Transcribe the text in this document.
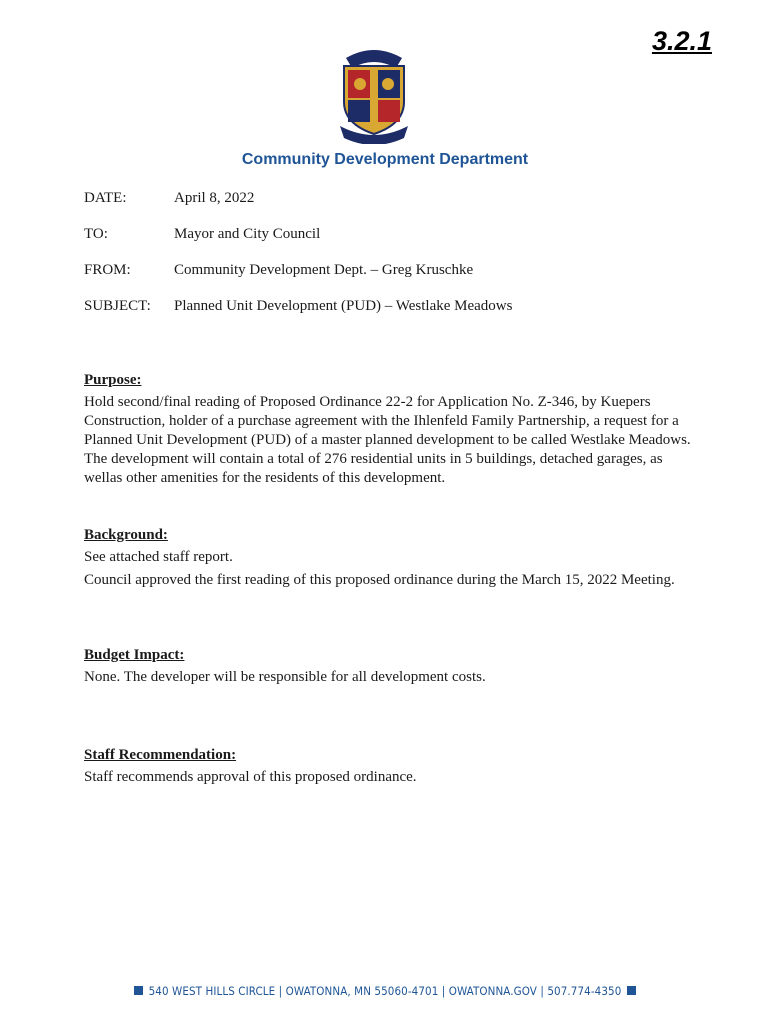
3.2.1
Community Development Department
DATE:	April 8, 2022
TO:	Mayor and City Council
FROM:	Community Development Dept. – Greg Kruschke
SUBJECT:	Planned Unit Development (PUD) – Westlake Meadows
Purpose:

Hold second/final reading of Proposed Ordinance 22-2 for Application No. Z-346, by Kuepers Construction, holder of a purchase agreement with the Ihlenfeld Family Partnership, a request for a Planned Unit Development (PUD) of a master planned development to be called Westlake Meadows. The development will contain a total of 276 residential units in 5 buildings, detached garages, as wellas other amenities for the residents of this development.

Background:

See attached staff report.

Council approved the first reading of this proposed ordinance during the March 15, 2022 Meeting.

Budget Impact:

None. The developer will be responsible for all development costs.

Staff Recommendation:

Staff recommends approval of this proposed ordinance.

540 WEST HILLS CIRCLE | OWATONNA, MN 55060-4701 | OWATONNA.GOV | 507.774-4350
